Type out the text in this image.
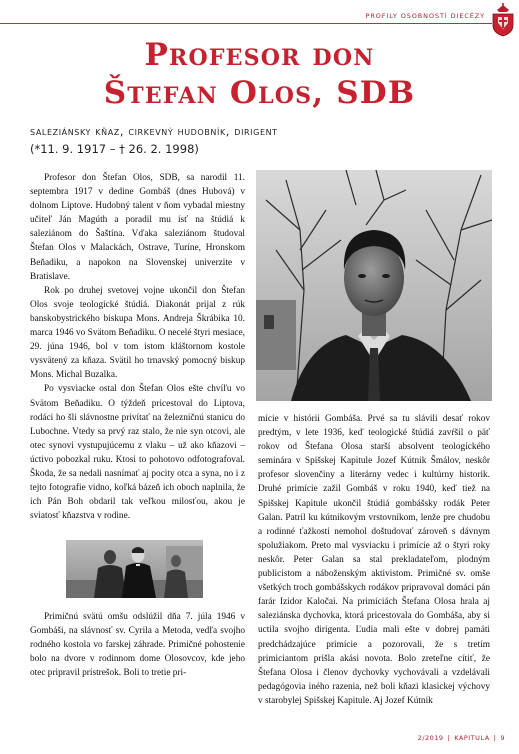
PROFILY OSOBNOSTÍ DIECÉZY
Profesor don
Štefan Olos, SDB
saleziánsky kňaz, cirkevný hudobník, dirigent
(*11. 9. 1917 – † 26. 2. 1998)

Profesor don Štefan Olos, SDB, sa narodil 11. septembra 1917 v dedine Gombáš (dnes Hubová) v dolnom Liptove. Hudobný talent v ňom vybadal miestny učiteľ Ján Magúth a poradil mu ísť na štúdiá k saleziánom do Šaštína. Vďaka saleziánom študoval Štefan Olos v Malackách, Ostrave, Turíne, Hronskom Beňadiku, a napokon na Slovenskej univerzite v Bratislave.

Rok po druhej svetovej vojne ukončil don Štefan Olos svoje teologické štúdiá. Diakonát prijal z rúk banskobystrického biskupa Mons. Andreja Škrábika 10. marca 1946 vo Svätom Beňadiku. O necelé štyri mesiace, 29. júna 1946, bol v tom istom kláštornom kostole vysvätený za kňaza. Svätil ho trnavský pomocný biskup Mons. Michal Buzalka.

Po vysviacke ostal don Štefan Olos ešte chvíľu vo Svätom Beňadiku. O týždeň pricestoval do Liptova, rodáci ho šli slávnostne privítať na železničnú stanicu do Lubochne. Vtedy sa prvý raz stalo, že nie syn otcovi, ale otec synovi vystupujúcemu z vlaku – už ako kňazovi – úctivo pobozkal ruku. Ktosi to pohotovo odfotografoval. Škoda, že sa nedali nasnímať aj pocity otca a syna, no i z tejto fotografie vidno, koľká bázeň ich oboch naplnila, že ich Pán Boh obdaril tak veľkou milosťou, akou je sviatosť kňazstva v rodine.

Primičnú svätú omšu odslúžil dňa 7. júla 1946 v Gombáši, na slávnosť sv. Cyrila a Metoda, vedľa svojho rodného kostola vo farskej záhrade. Primičné pohostenie bolo na dvore v rodinnom dome Olosovcov, kde jeho otec pripravil prístrešok. Boli to tretie pri-

mície v histórii Gombáša. Prvé sa tu slávili desať rokov predtým, v lete 1936, keď teologické štúdiá zavŕšil o päť rokov od Štefana Olosa starší absolvent teologického seminára v Spišskej Kapitule Jozef Kútnik Šmálov, neskôr profesor slovenčiny a literárny vedec i kultúrny historik. Druhé primície zažil Gombáš v roku 1940, keď tiež na Spišskej Kapitule ukončil štúdiá gombášsky rodák Peter Galan. Patril ku kútnikovým vrstovníkom, lenže pre chudobu a rodinné ťažkosti nemohol doštudovať zároveň s dávnym spolužiakom. Preto mal vysviacku i primície až o štyri roky neskôr. Peter Galan sa stal prekladateľom, plodným publicistom a náboženským aktivistom. Primičné sv. omše všetkých troch gombášskych rodákov pripravoval domáci pán farár Izidor Kaločai. Na primíciách Štefana Olosa hrala aj saleziánska dychovka, ktorá pricestovala do Gombáša, aby si uctila svojho dirigenta. Ľudia mali ešte v dobrej pamäti predchádzajúce primície a pozorovali, že s tretím primiciantom prišla akási novota. Bolo zreteľne cítiť, že Štefana Olosa i členov dychovky vychovávali a vzdelávali pedagógovia iného razenia, než boli kňazi klasickej výchovy v starobylej Spišskej Kapitule. Aj Jozef Kútnik

2/2019 | KAPITULA | 9
